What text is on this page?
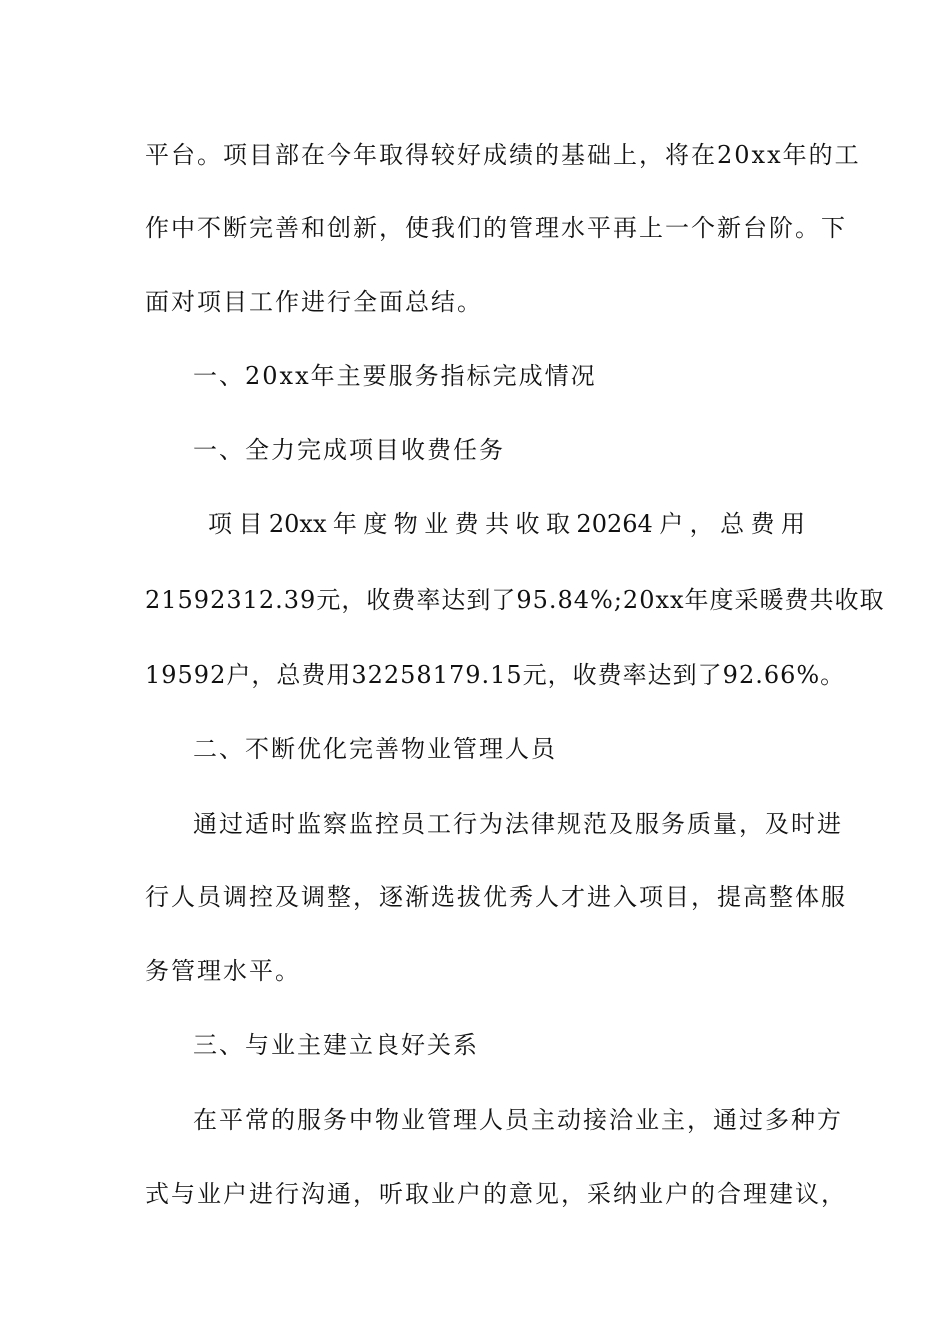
平台。项目部在今年取得较好成绩的基础上，将在20xx年的工
作中不断完善和创新，使我们的管理水平再上一个新台阶。下
面对项目工作进行全面总结。
一、20xx年主要服务指标完成情况
一、全力完成项目收费任务
项 目 20xx 年 度 物 业 费 共 收 取 20264 户 ， 总 费 用
21592312.39元，收费率达到了95.84%;20xx年度采暖费共收取
19592户，总费用32258179.15元，收费率达到了92.66%。
二、不断优化完善物业管理人员
通过适时监察监控员工行为法律规范及服务质量，及时进
行人员调控及调整，逐渐选拔优秀人才进入项目，提高整体服
务管理水平。
三、与业主建立良好关系
在平常的服务中物业管理人员主动接洽业主，通过多种方
式与业户进行沟通，听取业户的意见，采纳业户的合理建议，
